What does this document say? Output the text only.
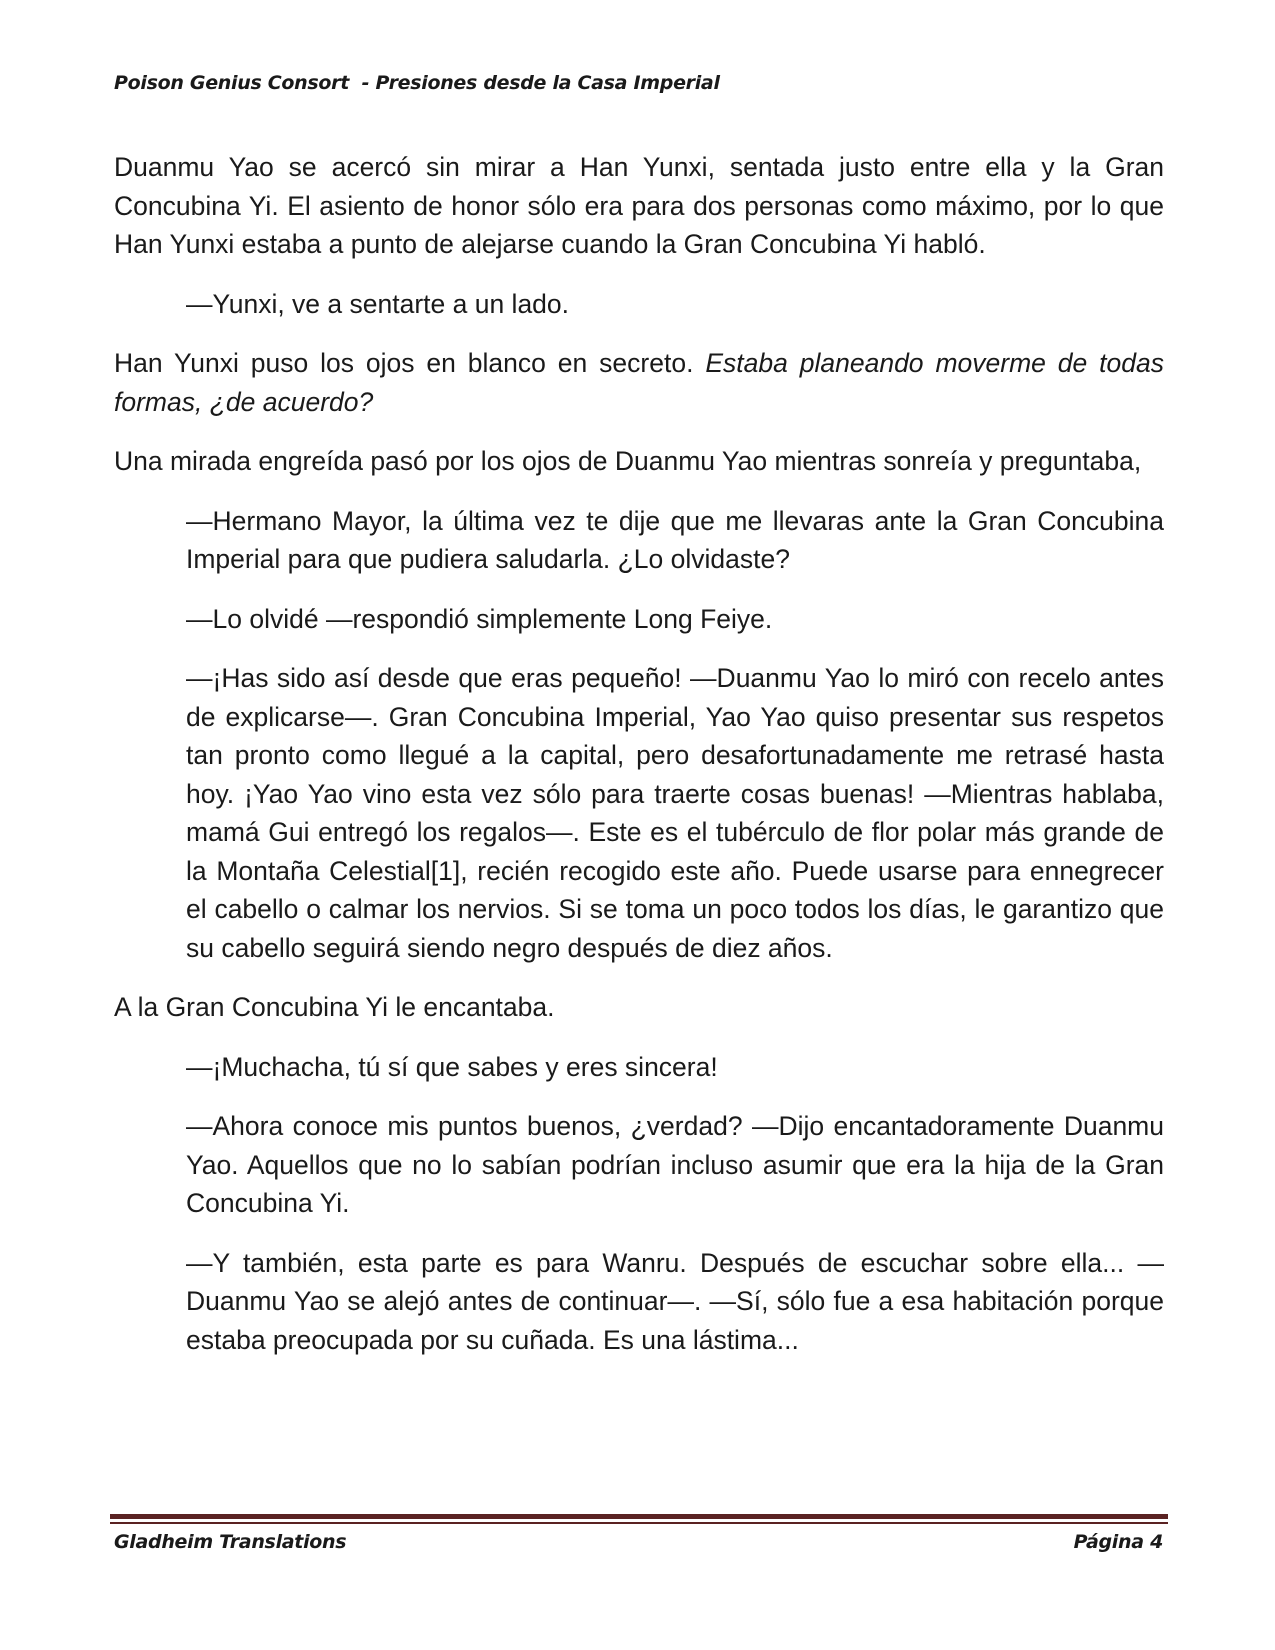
Poison Genius Consort  - Presiones desde la Casa Imperial

Duanmu Yao se acercó sin mirar a Han Yunxi, sentada justo entre ella y la Gran Concubina Yi. El asiento de honor sólo era para dos personas como máximo, por lo que Han Yunxi estaba a punto de alejarse cuando la Gran Concubina Yi habló.

—Yunxi, ve a sentarte a un lado.

Han Yunxi puso los ojos en blanco en secreto. Estaba planeando moverme de todas formas, ¿de acuerdo?

Una mirada engreída pasó por los ojos de Duanmu Yao mientras sonreía y preguntaba,

—Hermano Mayor, la última vez te dije que me llevaras ante la Gran Concubina Imperial para que pudiera saludarla. ¿Lo olvidaste?

—Lo olvidé —respondió simplemente Long Feiye.

—¡Has sido así desde que eras pequeño! —Duanmu Yao lo miró con recelo antes de explicarse—. Gran Concubina Imperial, Yao Yao quiso presentar sus respetos tan pronto como llegué a la capital, pero desafortunadamente me retrasé hasta hoy. ¡Yao Yao vino esta vez sólo para traerte cosas buenas! —Mientras hablaba, mamá Gui entregó los regalos—. Este es el tubérculo de flor polar más grande de la Montaña Celestial[1], recién recogido este año. Puede usarse para ennegrecer el cabello o calmar los nervios. Si se toma un poco todos los días, le garantizo que su cabello seguirá siendo negro después de diez años.

A la Gran Concubina Yi le encantaba.

—¡Muchacha, tú sí que sabes y eres sincera!

—Ahora conoce mis puntos buenos, ¿verdad? —Dijo encantadoramente Duanmu Yao. Aquellos que no lo sabían podrían incluso asumir que era la hija de la Gran Concubina Yi.

—Y también, esta parte es para Wanru. Después de escuchar sobre ella... —Duanmu Yao se alejó antes de continuar—. —Sí, sólo fue a esa habitación porque estaba preocupada por su cuñada. Es una lástima...

Gladheim Translations	Página 4
